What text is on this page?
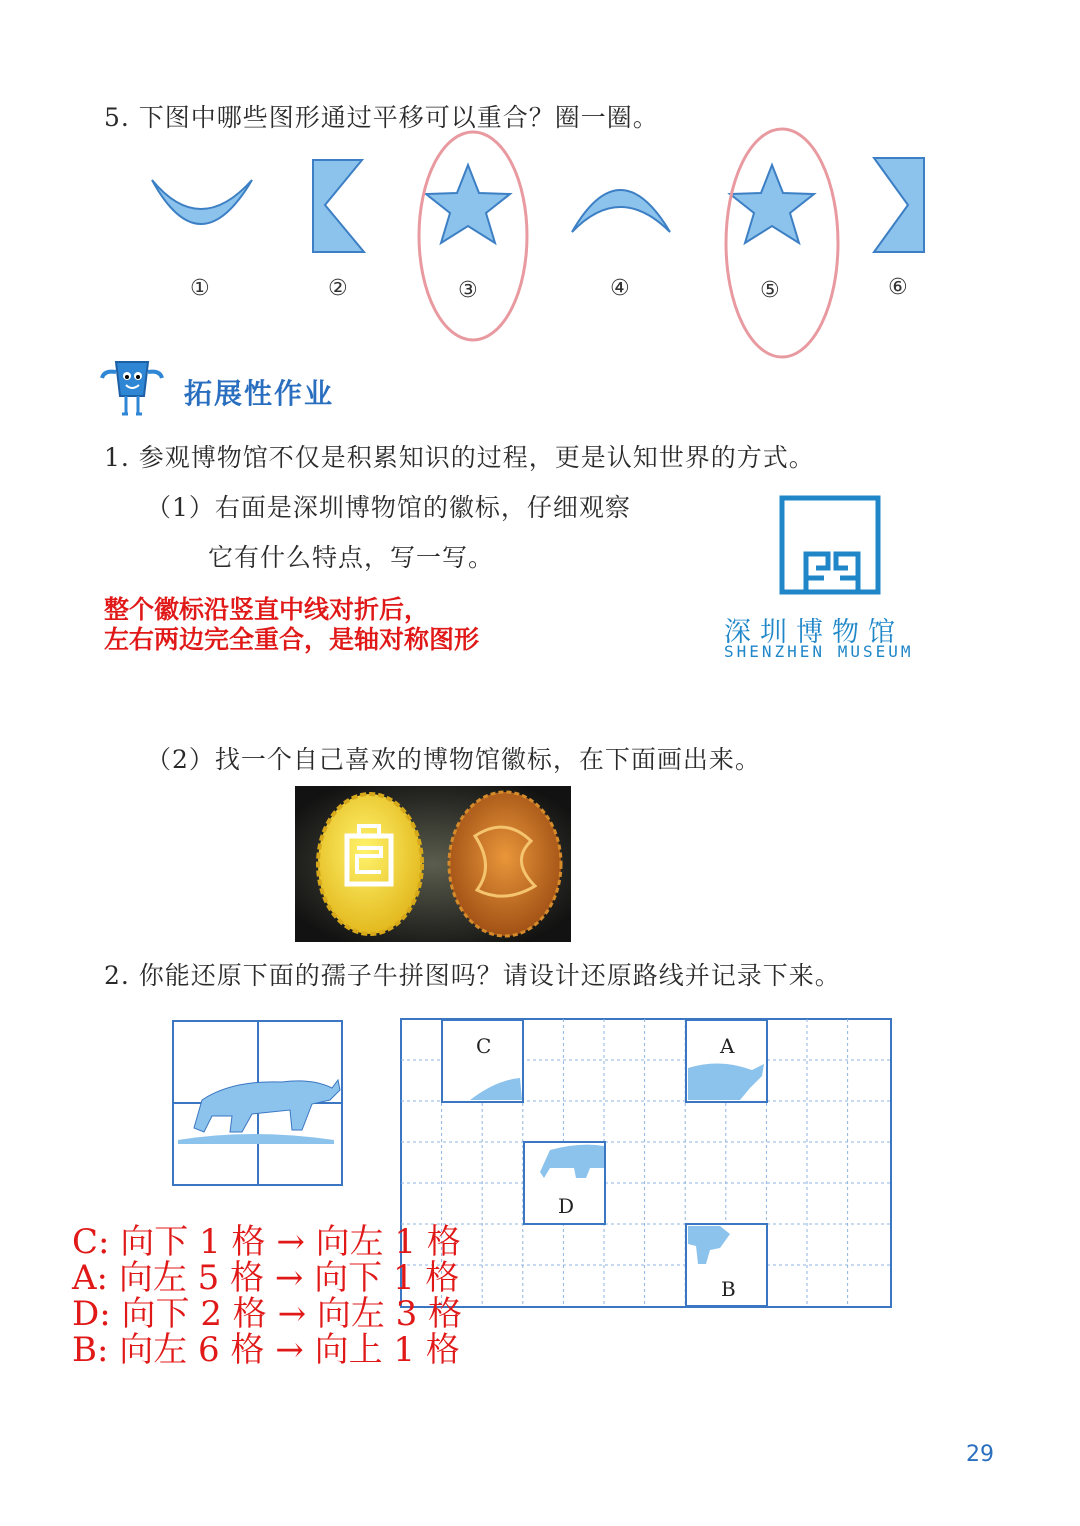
5. 下图中哪些图形通过平移可以重合？圈一圈。
①	②	③	④	⑤	⑥
拓展性作业
1. 参观博物馆不仅是积累知识的过程，更是认知世界的方式。
（1）右面是深圳博物馆的徽标，仔细观察
它有什么特点，写一写。
整个徽标沿竖直中线对折后，
左右两边完全重合，是轴对称图形	深圳博物馆
SHENZHEN MUSEUM
（2）找一个自己喜欢的博物馆徽标，在下面画出来。
2. 你能还原下面的孺子牛拼图吗？请设计还原路线并记录下来。
C	A
D
B
C: 向下 1 格 → 向左 1 格
A: 向左 5 格 → 向下 1 格
D: 向下 2 格 → 向左 3 格
B: 向左 6 格 → 向上 1 格
29
